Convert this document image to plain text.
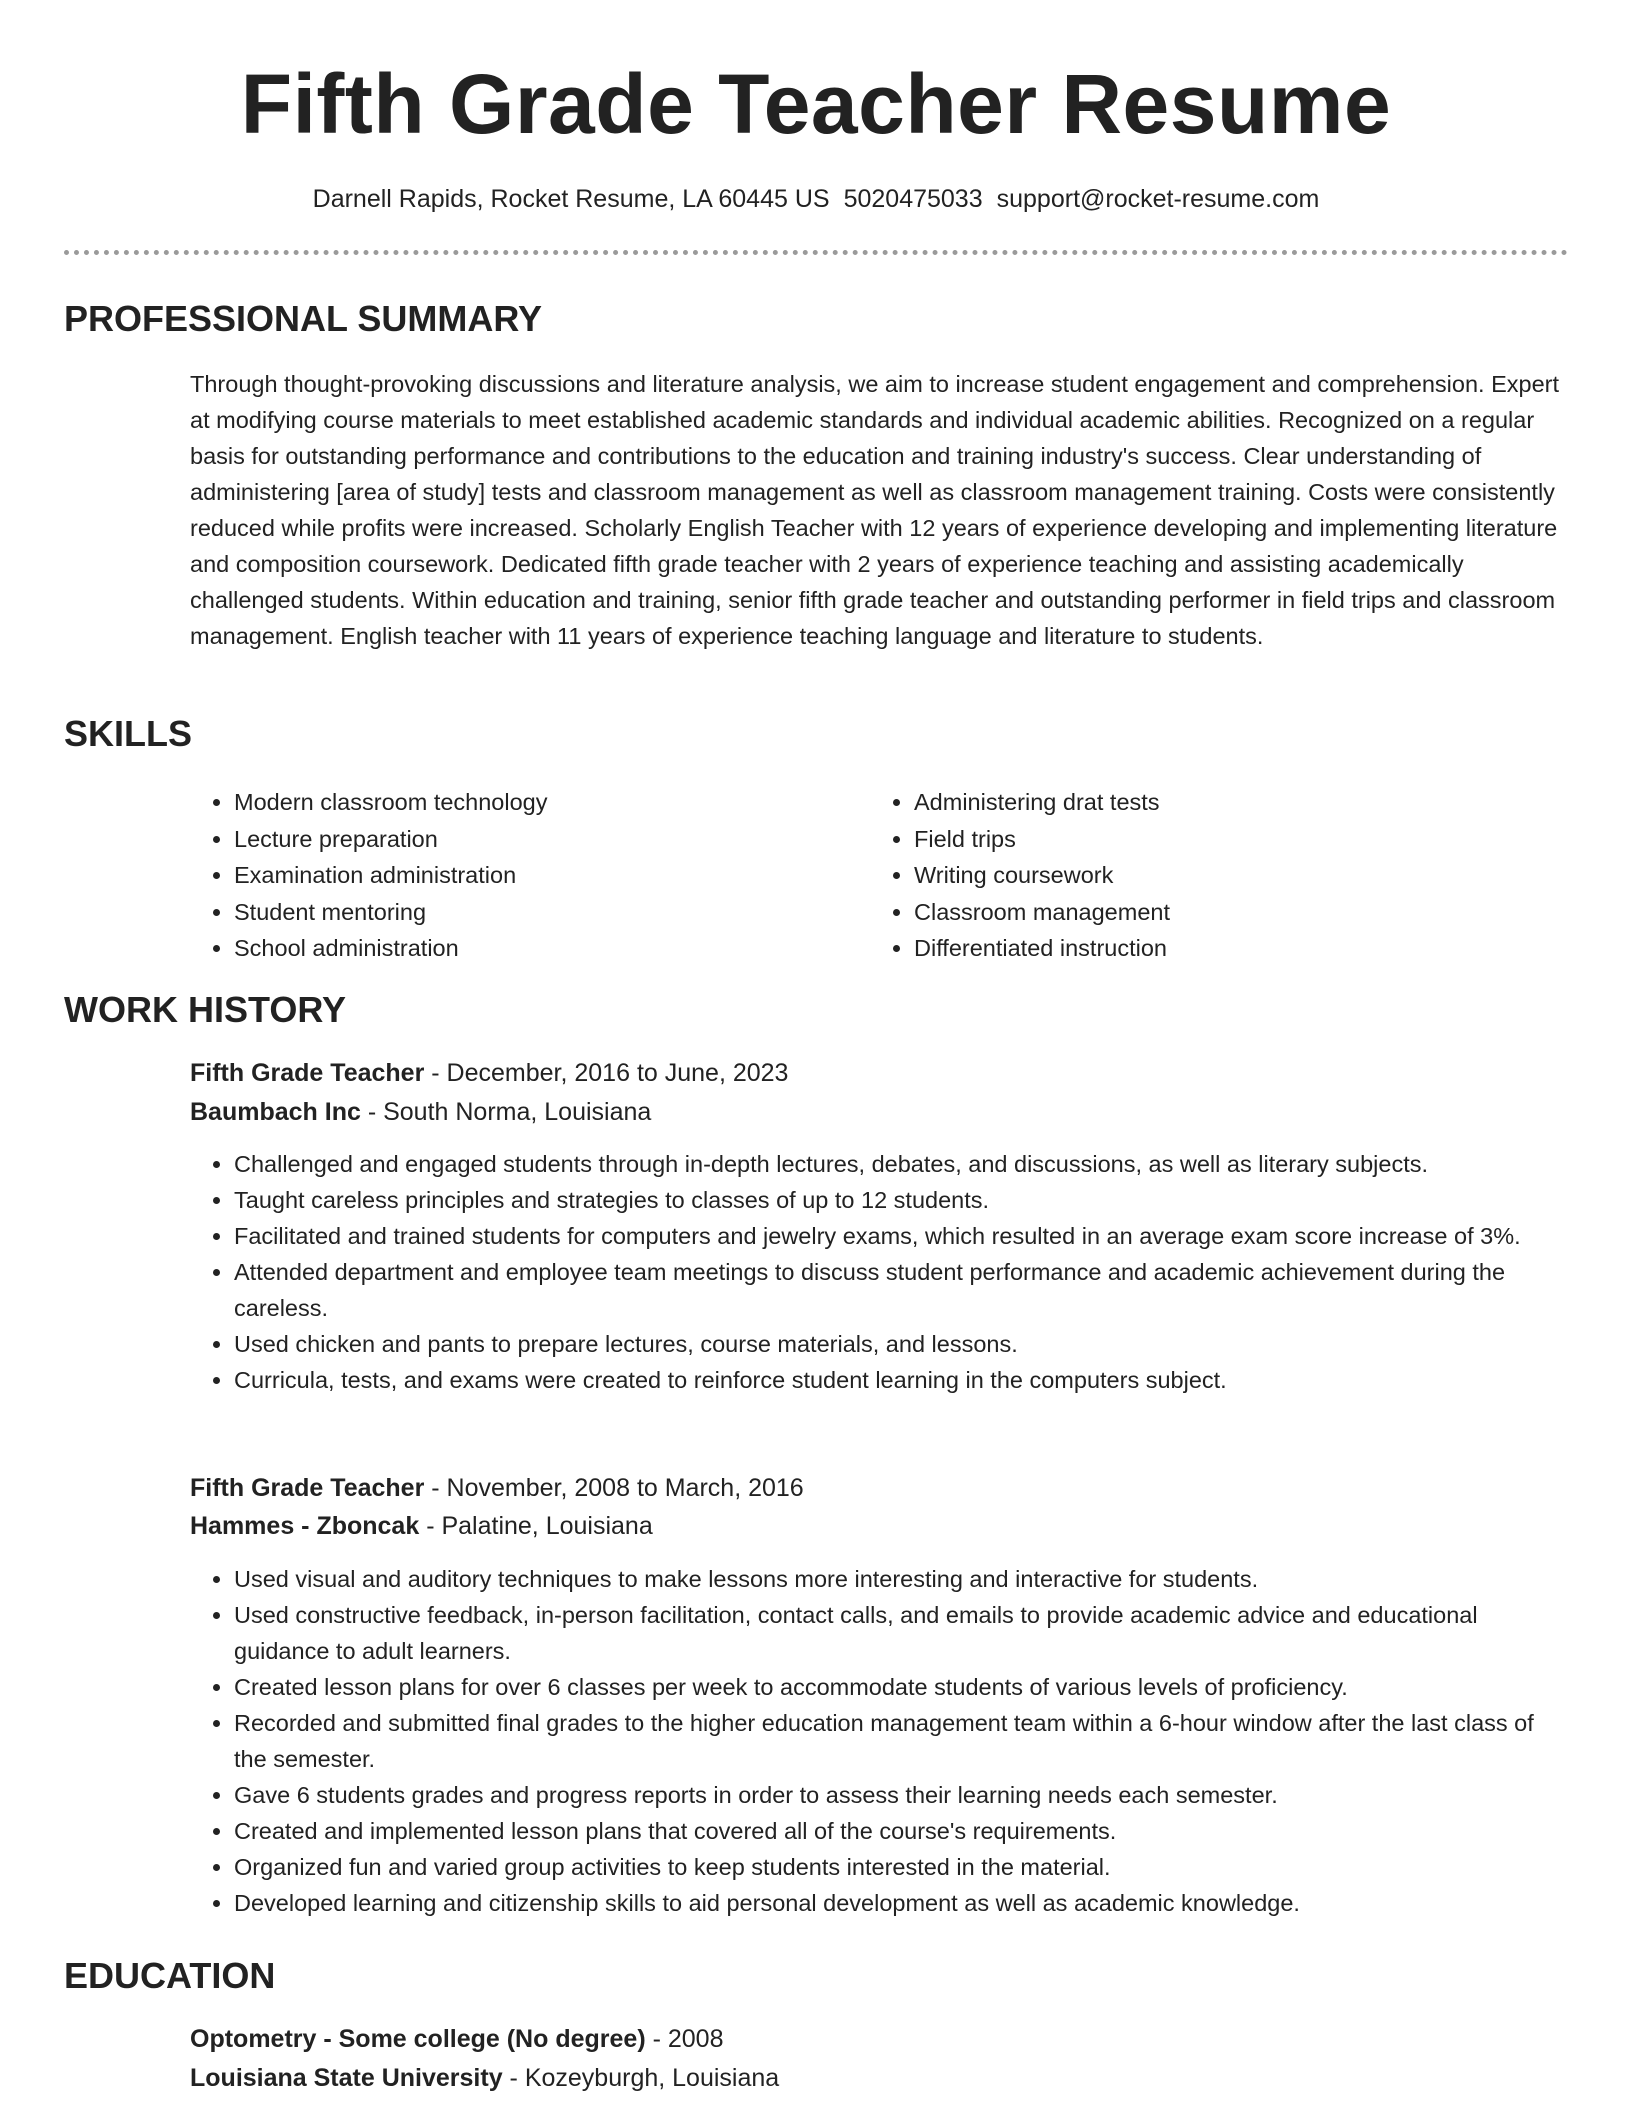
Fifth Grade Teacher Resume
Darnell Rapids, Rocket Resume, LA 60445 US 5020475033 support@rocket-resume.com
PROFESSIONAL SUMMARY

Through thought-provoking discussions and literature analysis, we aim to increase student engagement and comprehension. Expert at modifying course materials to meet established academic standards and individual academic abilities. Recognized on a regular basis for outstanding performance and contributions to the education and training industry's success. Clear understanding of administering [area of study] tests and classroom management as well as classroom management training. Costs were consistently reduced while profits were increased. Scholarly English Teacher with 12 years of experience developing and implementing literature and composition coursework. Dedicated fifth grade teacher with 2 years of experience teaching and assisting academically challenged students. Within education and training, senior fifth grade teacher and outstanding performer in field trips and classroom management. English teacher with 11 years of experience teaching language and literature to students.

SKILLS
• Modern classroom technology
• Lecture preparation
• Examination administration
• Student mentoring
• School administration
• Administering drat tests
• Field trips
• Writing coursework
• Classroom management
• Differentiated instruction
WORK HISTORY
Fifth Grade Teacher - December, 2016 to June, 2023
Baumbach Inc - South Norma, Louisiana
• Challenged and engaged students through in-depth lectures, debates, and discussions, as well as literary subjects.
• Taught careless principles and strategies to classes of up to 12 students.
• Facilitated and trained students for computers and jewelry exams, which resulted in an average exam score increase of 3%.
• Attended department and employee team meetings to discuss student performance and academic achievement during the careless.
• Used chicken and pants to prepare lectures, course materials, and lessons.
• Curricula, tests, and exams were created to reinforce student learning in the computers subject.
Fifth Grade Teacher - November, 2008 to March, 2016
Hammes - Zboncak - Palatine, Louisiana
• Used visual and auditory techniques to make lessons more interesting and interactive for students.
• Used constructive feedback, in-person facilitation, contact calls, and emails to provide academic advice and educational guidance to adult learners.
• Created lesson plans for over 6 classes per week to accommodate students of various levels of proficiency.
• Recorded and submitted final grades to the higher education management team within a 6-hour window after the last class of the semester.
• Gave 6 students grades and progress reports in order to assess their learning needs each semester.
• Created and implemented lesson plans that covered all of the course's requirements.
• Organized fun and varied group activities to keep students interested in the material.
• Developed learning and citizenship skills to aid personal development as well as academic knowledge.
EDUCATION
Optometry - Some college (No degree) - 2008
Louisiana State University - Kozeyburgh, Louisiana
